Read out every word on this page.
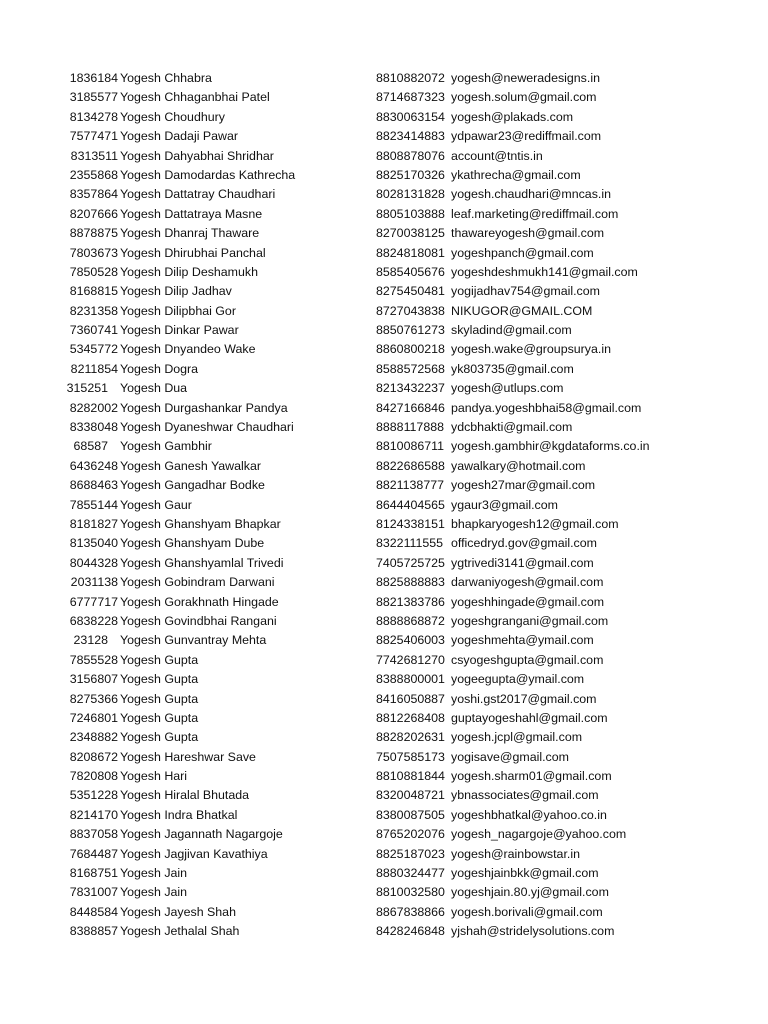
1836184 Yogesh Chhabra	8810882072 yogesh@neweradesigns.in
3185577 Yogesh Chhaganbhai Patel	8714687323 yogesh.solum@gmail.com
8134278 Yogesh Choudhury	8830063154 yogesh@plakads.com
7577471 Yogesh Dadaji Pawar	8823414883 ydpawar23@rediffmail.com
8313511 Yogesh Dahyabhai Shridhar	8808878076 account@tntis.in
2355868 Yogesh Damodardas Kathrecha	8825170326 ykathrecha@gmail.com
8357864 Yogesh Dattatray Chaudhari	8028131828 yogesh.chaudhari@mncas.in
8207666 Yogesh Dattatraya Masne	8805103888 leaf.marketing@rediffmail.com
8878875 Yogesh Dhanraj Thaware	8270038125 thawareyogesh@gmail.com
7803673 Yogesh Dhirubhai Panchal	8824818081 yogeshpanch@gmail.com
7850528 Yogesh Dilip Deshamukh	8585405676 yogeshdeshmukh141@gmail.com
8168815 Yogesh Dilip Jadhav	8275450481 yogijadhav754@gmail.com
8231358 Yogesh Dilipbhai Gor	8727043838 NIKUGOR@GMAIL.COM
7360741 Yogesh Dinkar Pawar	8850761273 skyladind@gmail.com
5345772 Yogesh Dnyandeo Wake	8860800218 yogesh.wake@groupsurya.in
8211854 Yogesh Dogra	8588572568 yk803735@gmail.com
315251 Yogesh Dua	8213432237 yogesh@utlups.com
8282002 Yogesh Durgashankar Pandya	8427166846 pandya.yogeshbhai58@gmail.com
8338048 Yogesh Dyaneshwar Chaudhari	8888117888 ydcbhakti@gmail.com
68587 Yogesh Gambhir	8810086711 yogesh.gambhir@kgdataforms.co.in
6436248 Yogesh Ganesh Yawalkar	8822686588 yawalkary@hotmail.com
8688463 Yogesh Gangadhar Bodke	8821138777 yogesh27mar@gmail.com
7855144 Yogesh Gaur	8644404565 ygaur3@gmail.com
8181827 Yogesh Ghanshyam Bhapkar	8124338151 bhapkaryogesh12@gmail.com
8135040 Yogesh Ghanshyam Dube	8322111555 officedryd.gov@gmail.com
8044328 Yogesh Ghanshyamlal Trivedi	7405725725 ygtrivedi3141@gmail.com
2031138 Yogesh Gobindram Darwani	8825888883 darwaniyogesh@gmail.com
6777717 Yogesh Gorakhnath Hingade	8821383786 yogeshhingade@gmail.com
6838228 Yogesh Govindbhai Rangani	8888868872 yogeshgrangani@gmail.com
23128 Yogesh Gunvantray Mehta	8825406003 yogeshmehta@ymail.com
7855528 Yogesh Gupta	7742681270 csyogeshgupta@gmail.com
3156807 Yogesh Gupta	8388800001 yogeegupta@ymail.com
8275366 Yogesh Gupta	8416050887 yoshi.gst2017@gmail.com
7246801 Yogesh Gupta	8812268408 guptayogeshahl@gmail.com
2348882 Yogesh Gupta	8828202631 yogesh.jcpl@gmail.com
8208672 Yogesh Hareshwar Save	7507585173 yogisave@gmail.com
7820808 Yogesh Hari	8810881844 yogesh.sharm01@gmail.com
5351228 Yogesh Hiralal Bhutada	8320048721 ybnassociates@gmail.com
8214170 Yogesh Indra Bhatkal	8380087505 yogeshbhatkal@yahoo.co.in
8837058 Yogesh Jagannath Nagargoje	8765202076 yogesh_nagargoje@yahoo.com
7684487 Yogesh Jagjivan Kavathiya	8825187023 yogesh@rainbowstar.in
8168751 Yogesh Jain	8880324477 yogeshjainbkk@gmail.com
7831007 Yogesh Jain	8810032580 yogeshjain.80.yj@gmail.com
8448584 Yogesh Jayesh Shah	8867838866 yogesh.borivali@gmail.com
8388857 Yogesh Jethalal Shah	8428246848 yjshah@stridelysolutions.com
